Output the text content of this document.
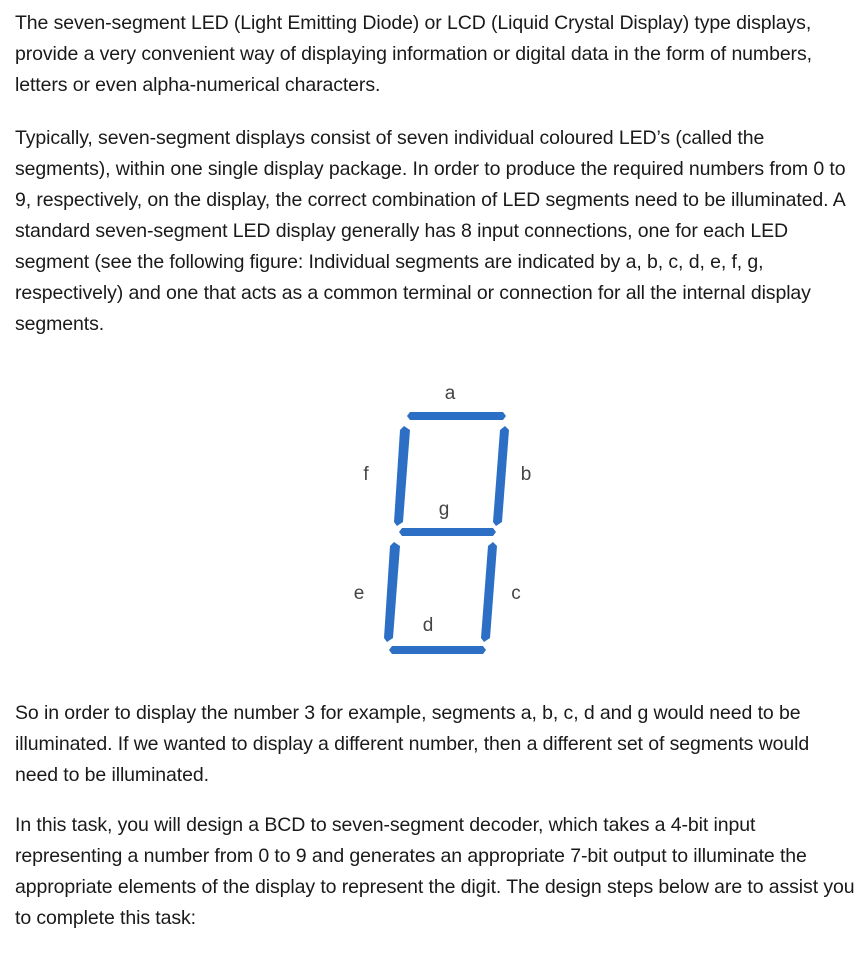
The seven-segment LED (Light Emitting Diode) or LCD (Liquid Crystal Display) type displays, provide a very convenient way of displaying information or digital data in the form of numbers, letters or even alpha-numerical characters.

Typically, seven-segment displays consist of seven individual coloured LED’s (called the segments), within one single display package. In order to produce the required numbers from 0 to 9, respectively, on the display, the correct combination of LED segments need to be illuminated. A standard seven-segment LED display generally has 8 input connections, one for each LED segment (see the following figure: Individual segments are indicated by a, b, c, d, e, f, g, respectively) and one that acts as a common terminal or connection for all the internal display segments.

a
b
f
g
e	c
d

So in order to display the number 3 for example, segments a, b, c, d and g would need to be illuminated. If we wanted to display a different number, then a different set of segments would need to be illuminated.

In this task, you will design a BCD to seven-segment decoder, which takes a 4-bit input representing a number from 0 to 9 and generates an appropriate 7-bit output to illuminate the appropriate elements of the display to represent the digit. The design steps below are to assist you to complete this task:
